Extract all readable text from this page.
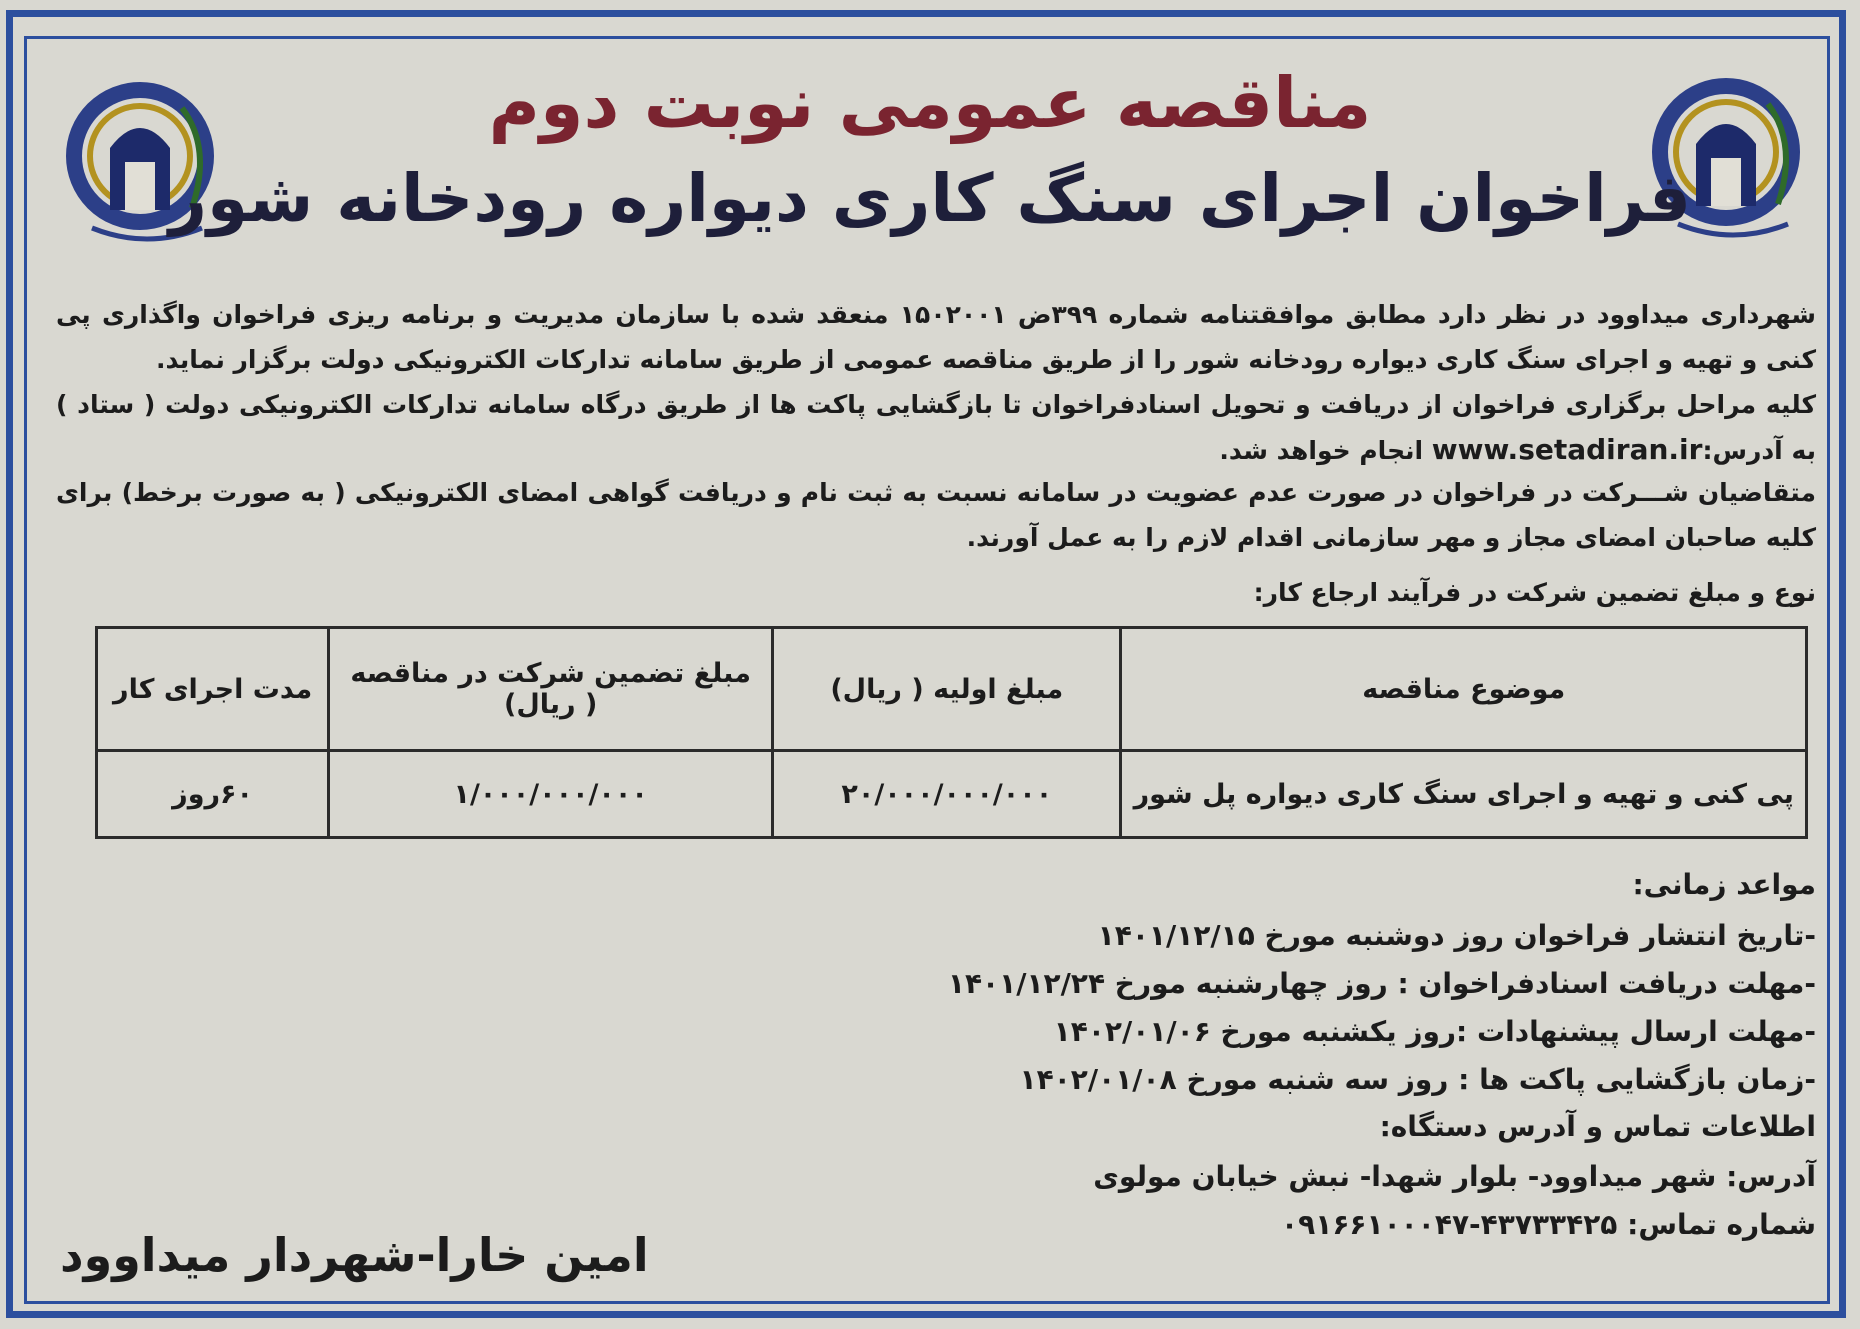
مناقصه عمومی نوبت دوم
فراخوان اجرای سنگ کاری دیواره رودخانه شور
شهرداری میداوود در نظر دارد مطابق موافقتنامه شماره ۳۹۹ض ۱۵۰۲۰۰۱ منعقد شده با سازمان مدیریت و برنامه ریزی فراخوان واگذاری پی کنی و تهیه و اجرای سنگ کاری دیواره رودخانه شور را از طریق مناقصه عمومی از طریق سامانه تدارکات الکترونیکی دولت برگزار نماید.
کلیه مراحل برگزاری فراخوان از دریافت و تحویل اسنادفراخوان تا بازگشایی پاکت ها از طریق درگاه سامانه تدارکات الکترونیکی دولت ( ستاد ) به آدرس:www.setadiran.ir انجام خواهد شد.
متقاضیان شـــرکت در فراخوان در صورت عدم عضویت در سامانه نسبت به ثبت نام و دریافت گواهی امضای الکترونیکی ( به صورت برخط) برای کلیه صاحبان امضای مجاز و مهر سازمانی اقدام لازم را به عمل آورند.
نوع و مبلغ تضمین شرکت در فرآیند ارجاع کار:
موضوع مناقصه	مبلغ اولیه ( ریال)	مبلغ تضمین شرکت در مناقصه ( ریال)	مدت اجرای کار
پی کنی و تهیه و اجرای سنگ کاری دیواره پل شور	۲۰/۰۰۰/۰۰۰/۰۰۰	۱/۰۰۰/۰۰۰/۰۰۰	۶۰روز
مواعد زمانی:
-تاریخ انتشار فراخوان روز دوشنبه مورخ ۱۴۰۱/۱۲/۱۵
-مهلت دریافت اسنادفراخوان : روز چهارشنبه مورخ ۱۴۰۱/۱۲/۲۴
-مهلت ارسال پیشنهادات :روز یکشنبه مورخ ۱۴۰۲/۰۱/۰۶
-زمان بازگشایی پاکت ها : روز سه شنبه مورخ ۱۴۰۲/۰۱/۰۸
اطلاعات تماس و آدرس دستگاه:
آدرس: شهر میداوود- بلوار شهدا- نبش خیابان مولوی
شماره تماس: ۴۳۷۳۳۴۲۵-۰۹۱۶۶۱۰۰۰۴۷
امین خارا-شهردار میداوود
